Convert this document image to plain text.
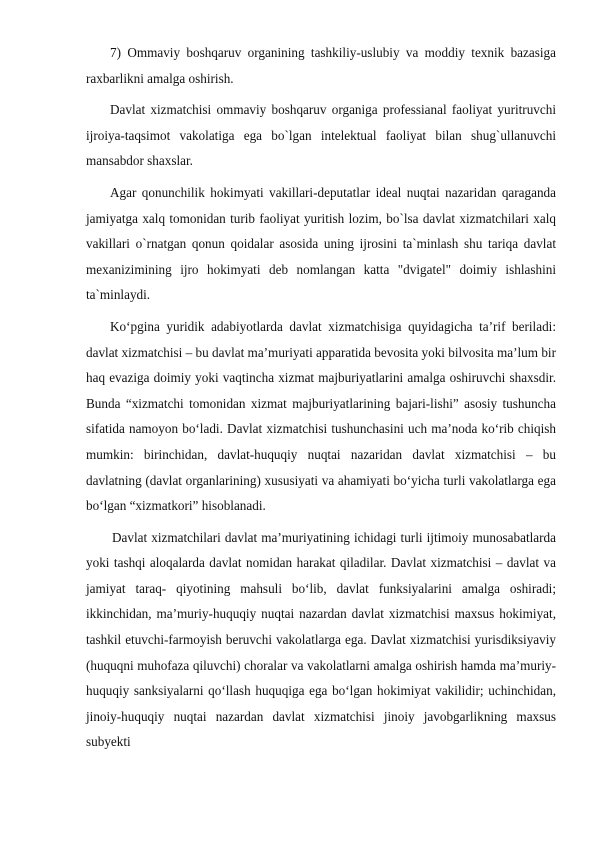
7) Ommaviy boshqaruv organining tashkiliy-uslubiy va moddiy texnik bazasiga raxbarlikni amalga oshirish.

Davlat xizmatchisi ommaviy boshqaruv organiga professianal faoliyat yuritruvchi ijroiya-taqsimot vakolatiga ega bo`lgan intelektual faoliyat bilan shug`ullanuvchi mansabdor shaxslar.

Agar qonunchilik hokimyati vakillari-deputatlar ideal nuqtai nazaridan qaraganda jamiyatga xalq tomonidan turib faoliyat yuritish lozim, bo`lsa davlat xizmatchilari xalq vakillari o`rnatgan qonun qoidalar asosida uning ijrosini ta`minlash shu tariqa davlat mexanizimining ijro hokimyati deb nomlangan katta "dvigatel" doimiy ishlashini ta`minlaydi.

Ko‘pgina yuridik adabiyotlarda davlat xizmatchisiga quyidagicha ta’rif beriladi: davlat xizmatchisi – bu davlat ma’muriyati apparatida bevosita yoki bilvosita ma’lum bir haq evaziga doimiy yoki vaqtincha xizmat majburiyatlarini amalga oshiruvchi shaxsdir. Bunda “xizmatchi tomonidan xizmat majburiyatlarining bajari-lishi” asosiy tushuncha sifatida namoyon bo‘ladi. Davlat xizmatchisi tushunchasini uch ma’noda ko‘rib chiqish mumkin: birinchidan, davlat-huquqiy nuqtai nazaridan davlat xizmatchisi – bu davlatning (davlat organlarining) xususiyati va ahamiyati bo‘yicha turli vakolatlarga ega bo‘lgan “xizmatkori” hisoblanadi.

Davlat xizmatchilari davlat ma’muriyatining ichidagi turli ijtimoiy munosabatlarda yoki tashqi aloqalarda davlat nomidan harakat qiladilar. Davlat xizmatchisi – davlat va jamiyat taraq- qiyotining mahsuli bo‘lib, davlat funksiyalarini amalga oshiradi; ikkinchidan, ma’muriy-huquqiy nuqtai nazardan davlat xizmatchisi maxsus hokimiyat, tashkil etuvchi-farmoyish beruvchi vakolatlarga ega. Davlat xizmatchisi yurisdiksiyaviy (huquqni muhofaza qiluvchi) choralar va vakolatlarni amalga oshirish hamda ma’muriy- huquqiy sanksiyalarni qo‘llash huquqiga ega bo‘lgan hokimiyat vakilidir; uchinchidan, jinoiy-huquqiy nuqtai nazardan davlat xizmatchisi jinoiy javobgarlikning maxsus subyekti
